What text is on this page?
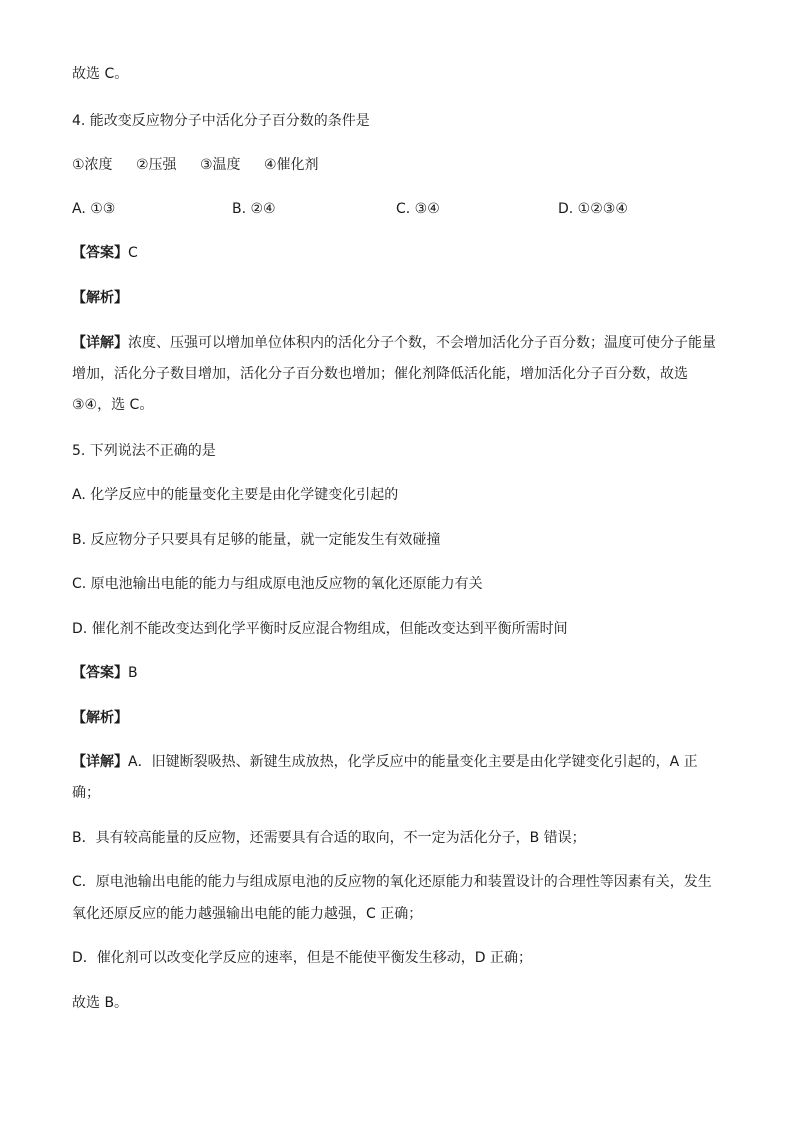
故选 C。
4. 能改变反应物分子中活化分子百分数的条件是
①浓度 ②压强 ③温度 ④催化剂
A. ①③	B. ②④	C. ③④	D. ①②③④
【答案】C
【解析】
【详解】浓度、压强可以增加单位体积内的活化分子个数，不会增加活化分子百分数；温度可使分子能量
增加，活化分子数目增加，活化分子百分数也增加；催化剂降低活化能，增加活化分子百分数，故选
③④，选 C。
5. 下列说法不正确的是
A. 化学反应中的能量变化主要是由化学键变化引起的
B. 反应物分子只要具有足够的能量，就一定能发生有效碰撞
C. 原电池输出电能的能力与组成原电池反应物的氧化还原能力有关
D. 催化剂不能改变达到化学平衡时反应混合物组成，但能改变达到平衡所需时间
【答案】B
【解析】
【详解】A．旧键断裂吸热、新键生成放热，化学反应中的能量变化主要是由化学键变化引起的，A 正
确；
B．具有较高能量的反应物，还需要具有合适的取向，不一定为活化分子，B 错误；
C．原电池输出电能的能力与组成原电池的反应物的氧化还原能力和装置设计的合理性等因素有关，发生
氧化还原反应的能力越强输出电能的能力越强，C 正确；
D．催化剂可以改变化学反应的速率，但是不能使平衡发生移动，D 正确；
故选 B。
